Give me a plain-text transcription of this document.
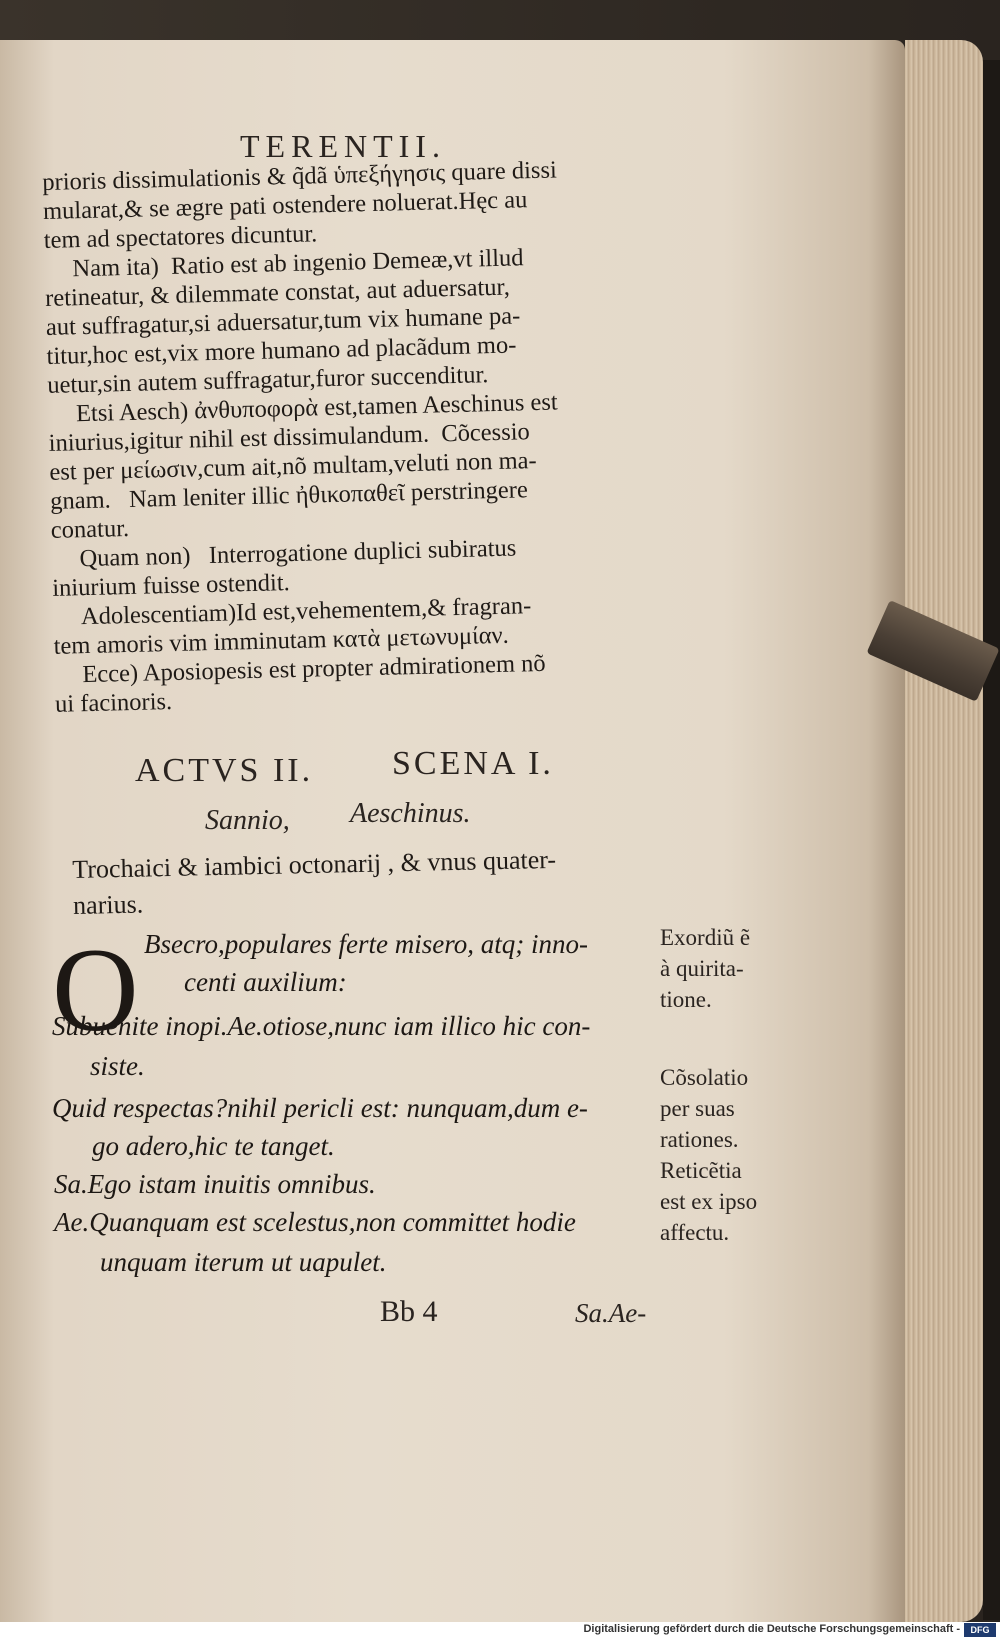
TERENTII.

prioris dissimulationis & q̃dã ὑπεξήγησις quare dissi

mularat,& se ægre pati ostendere noluerat.Hęc au

tem ad spectatores dicuntur.

Nam ita)  Ratio est ab ingenio Demeæ,vt illud

retineatur, & dilemmate constat, aut aduersatur,

aut suffragatur,si aduersatur,tum vix humane pa-

titur,hoc est,vix more humano ad placãdum mo-

uetur,sin autem suffragatur,furor succenditur.

Etsi Aesch) ἀνθυποφορὰ est,tamen Aeschinus est

iniurius,igitur nihil est dissimulandum.  Cõcessio

est per μείωσιν,cum ait,nõ multam,veluti non ma-

gnam.   Nam leniter illic ἠθικοπαθεῖ perstringere

conatur.

Quam non)   Interrogatione duplici subiratus

iniurium fuisse ostendit.

Adolescentiam)Id est,vehementem,& fragran-

tem amoris vim imminutam κατὰ μετωνυμίαν.

Ecce) Aposiopesis est propter admirationem nõ

ui facinoris.

ACTVS II. SCENA I.
Sannio, Aeschinus.
Trochaici & iambici octonarij , & vnus quater-
narius.
O Bsecro,populares ferte misero, atq; inno-
centi auxilium:
Subuenite inopi.Ae.otiose,nunc iam illico hic con-
siste.
Quid respectas?nihil pericli est: nunquam,dum e-
go adero,hic te tanget.
Sa.Ego istam inuitis omnibus.
Ae.Quanquam est scelestus,non committet hodie
unquam iterum ut uapulet.
Exordiũ ẽ
à quirita-
tione.
Cõsolatio
per suas
rationes.
Reticẽtia
est ex ipso
affectu.
Bb 4	Sa.Ae-
Digitalisierung gefördert durch die Deutsche Forschungsgemeinschaft -	DFG
